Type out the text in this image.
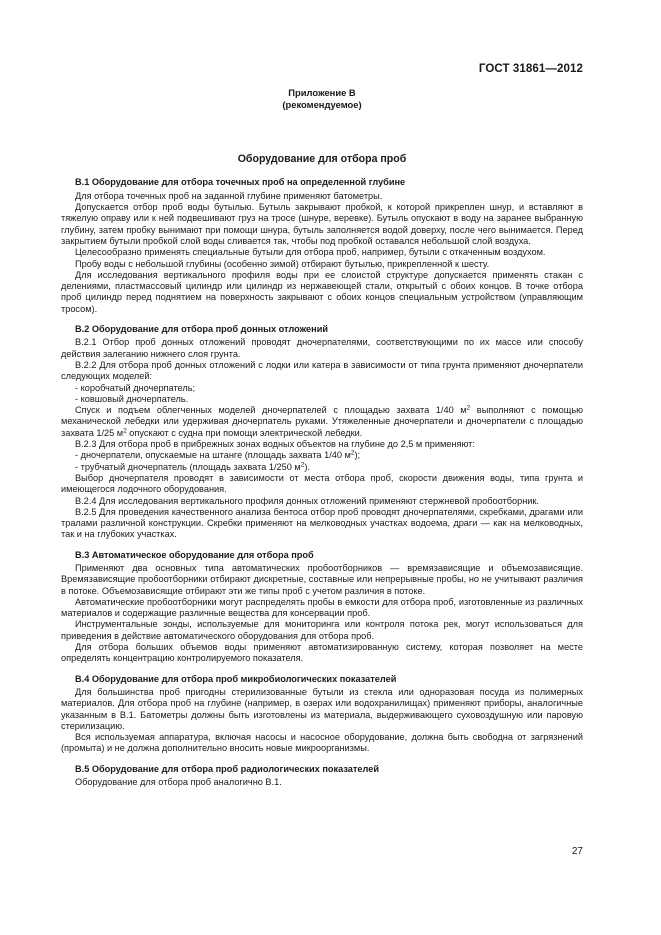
ГОСТ 31861—2012
Приложение В
(рекомендуемое)
Оборудование для отбора проб
В.1 Оборудование для отбора точечных проб на определенной глубине

Для отбора точечных проб на заданной глубине применяют батометры.

Допускается отбор проб воды бутылью. Бутыль закрывают пробкой, к которой прикреплен шнур, и вставляют в тяжелую оправу или к ней подвешивают груз на тросе (шнуре, веревке). Бутыль опускают в воду на заранее выбранную глубину, затем пробку вынимают при помощи шнура, бутыль заполняется водой доверху, после чего вынимается. Перед закрытием бутыли пробкой слой воды сливается так, чтобы под пробкой оставался небольшой слой воздуха.

Целесообразно применять специальные бутыли для отбора проб, например, бутыли с откаченным воздухом.

Пробу воды с небольшой глубины (особенно зимой) отбирают бутылью, прикрепленной к шесту.

Для исследования вертикального профиля воды при ее слоистой структуре допускается применять стакан с делениями, пластмассовый цилиндр или цилиндр из нержавеющей стали, открытый с обоих концов. В точке отбора проб цилиндр перед поднятием на поверхность закрывают с обоих концов специальным устройством (управляющим тросом).

В.2 Оборудование для отбора проб донных отложений

В.2.1 Отбор проб донных отложений проводят дночерпателями, соответствующими по их массе или способу действия залеганию нижнего слоя грунта.

В.2.2 Для отбора проб донных отложений с лодки или катера в зависимости от типа грунта применяют дночерпатели следующих моделей:

- коробчатый дночерпатель;

- ковшовый дночерпатель.

Спуск и подъем облегченных моделей дночерпателей с площадью захвата 1/40 $м^2$ выполняют с помощью механической лебедки или удерживая дночерпатель руками. Утяжеленные дночерпатели и дночерпатели с площадью захвата 1/25 $м^2$ опускают с судна при помощи электрической лебедки.

В.2.3 Для отбора проб в прибрежных зонах водных объектов на глубине до 2,5 м применяют:

- дночерпатели, опускаемые на штанге (площадь захвата 1/40 $м^2$);

- трубчатый дночерпатель (площадь захвата 1/250 $м^2$).

Выбор дночерпателя проводят в зависимости от места отбора проб, скорости движения воды, типа грунта и имеющегося лодочного оборудования.

В.2.4 Для исследования вертикального профиля донных отложений применяют стержневой пробоотборник.

В.2.5 Для проведения качественного анализа бентоса отбор проб проводят дночерпателями, скребками, драгами или тралами различной конструкции. Скребки применяют на мелководных участках водоема, драги — как на мелководных, так и на глубоких участках.

В.3 Автоматическое оборудование для отбора проб

Применяют два основных типа автоматических пробоотборников — времязависящие и объемозависящие. Времязависящие пробоотборники отбирают дискретные, составные или непрерывные пробы, но не учитывают различия в потоке. Объемозависящие отбирают эти же типы проб с учетом различия в потоке.

Автоматические пробоотборники могут распределять пробы в емкости для отбора проб, изготовленные из различных материалов и содержащие различные вещества для консервации проб.

Инструментальные зонды, используемые для мониторинга или контроля потока рек, могут использоваться для приведения в действие автоматического оборудования для отбора проб.

Для отбора больших объемов воды применяют автоматизированную систему, которая позволяет на месте определять концентрацию контролируемого показателя.

В.4 Оборудование для отбора проб микробиологических показателей

Для большинства проб пригодны стерилизованные бутыли из стекла или одноразовая посуда из полимерных материалов. Для отбора проб на глубине (например, в озерах или водохранилищах) применяют приборы, аналогичные указанным в В.1. Батометры должны быть изготовлены из материала, выдерживающего суховоздушную или паровую стерилизацию.

Вся используемая аппаратура, включая насосы и насосное оборудование, должна быть свободна от загрязнений (промыта) и не должна дополнительно вносить новые микроорганизмы.

В.5 Оборудование для отбора проб радиологических показателей

Оборудование для отбора проб аналогично В.1.

27
